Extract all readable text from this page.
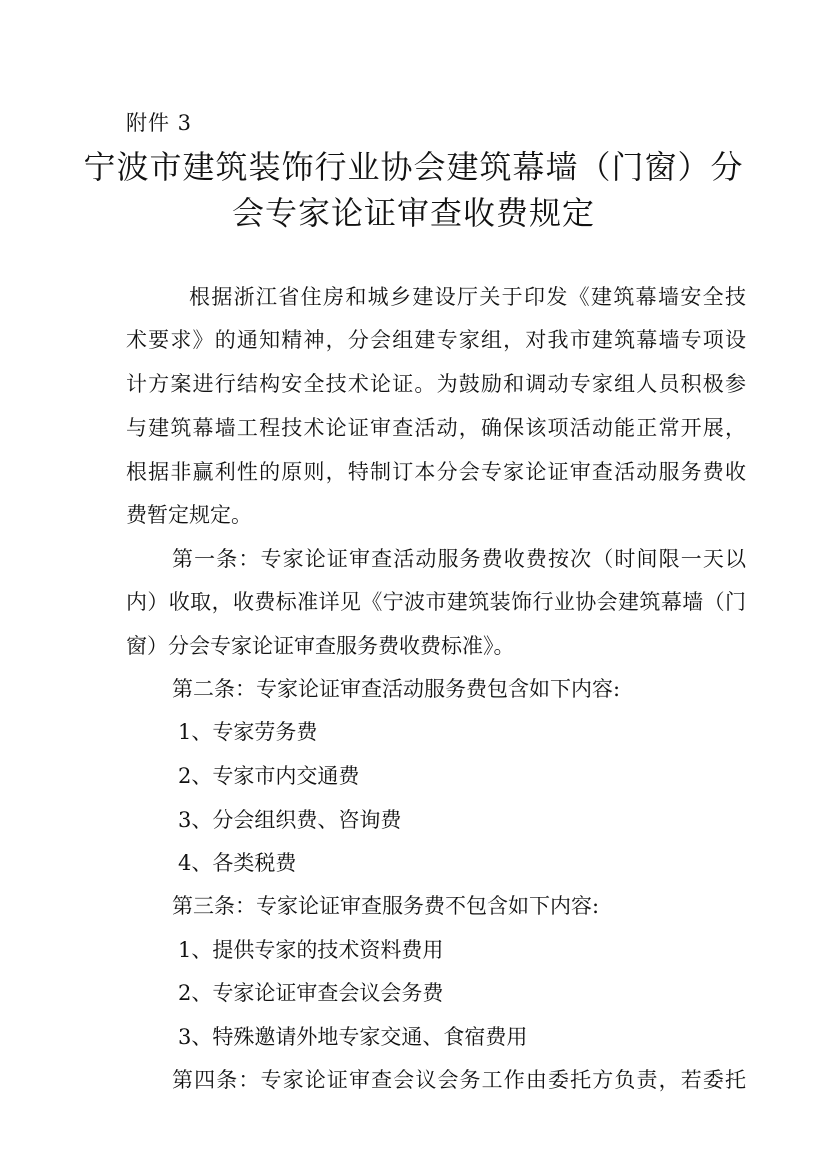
附件 3
宁波市建筑装饰行业协会建筑幕墙（门窗）分
会专家论证审查收费规定
根据浙江省住房和城乡建设厅关于印发《建筑幕墙安全技
术要求》的通知精神，分会组建专家组，对我市建筑幕墙专项设
计方案进行结构安全技术论证。为鼓励和调动专家组人员积极参
与建筑幕墙工程技术论证审查活动，确保该项活动能正常开展，
根据非赢利性的原则，特制订本分会专家论证审查活动服务费收
费暂定规定。
第一条：专家论证审查活动服务费收费按次（时间限一天以
内）收取，收费标准详见《宁波市建筑装饰行业协会建筑幕墙（门
窗）分会专家论证审查服务费收费标准》。
第二条：专家论证审查活动服务费包含如下内容:
1、专家劳务费
2、专家市内交通费
3、分会组织费、咨询费
4、各类税费
第三条：专家论证审查服务费不包含如下内容:
1、提供专家的技术资料费用
2、专家论证审查会议会务费
3、特殊邀请外地专家交通、食宿费用
第四条：专家论证审查会议会务工作由委托方负责，若委托
